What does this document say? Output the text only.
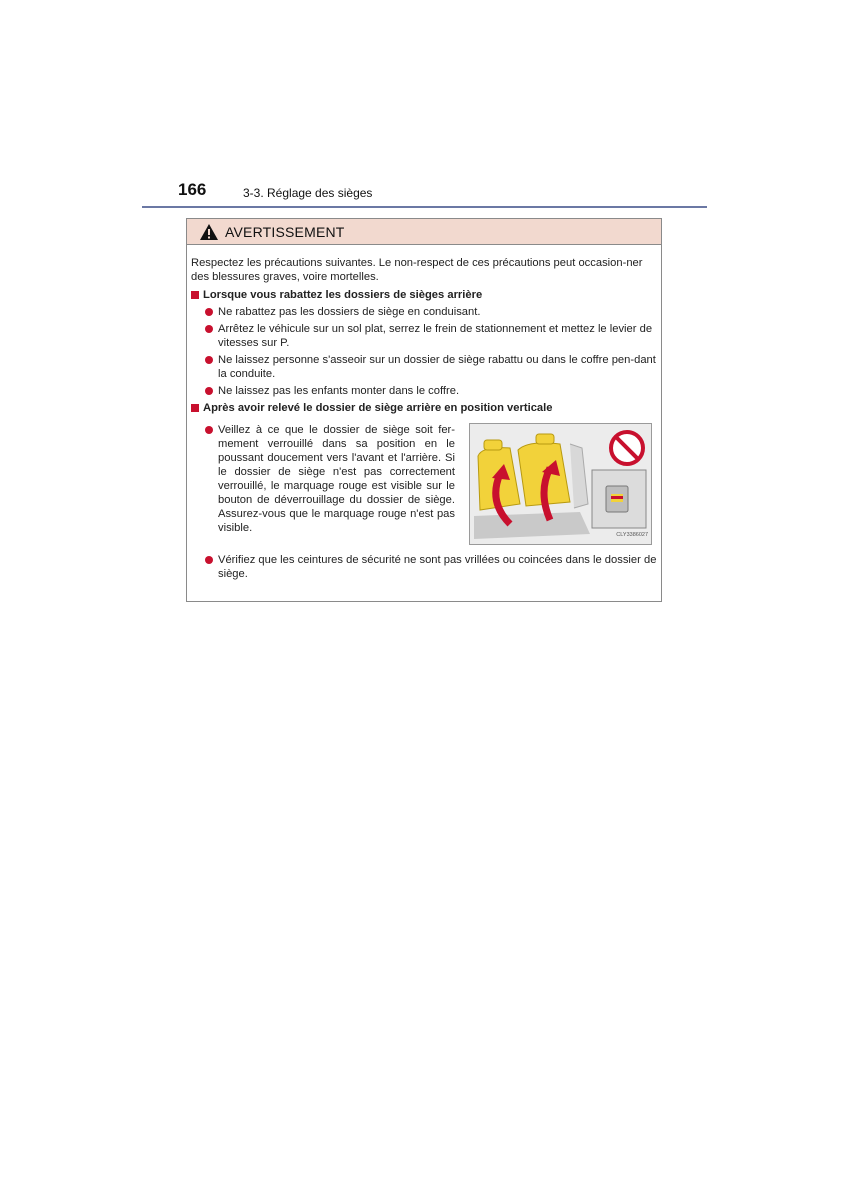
166	3-3. Réglage des sièges
AVERTISSEMENT

Respectez les précautions suivantes. Le non-respect de ces précautions peut occasion-ner des blessures graves, voire mortelles.

Lorsque vous rabattez les dossiers de sièges arrière
Ne rabattez pas les dossiers de siège en conduisant.
Arrêtez le véhicule sur un sol plat, serrez le frein de stationnement et mettez le levier de vitesses sur P.
Ne laissez personne s'asseoir sur un dossier de siège rabattu ou dans le coffre pen-dant la conduite.
Ne laissez pas les enfants monter dans le coffre.
Après avoir relevé le dossier de siège arrière en position verticale
Veillez à ce que le dossier de siège soit fer-mement verrouillé dans sa position en le poussant doucement vers l'avant et l'arrière. Si le dossier de siège n'est pas correctement verrouillé, le marquage rouge est visible sur le bouton de déverrouillage du dossier de siège. Assurez-vous que le marquage rouge n'est pas visible.
CLY3386027
Vérifiez que les ceintures de sécurité ne sont pas vrillées ou coincées dans le dossier de siège.
